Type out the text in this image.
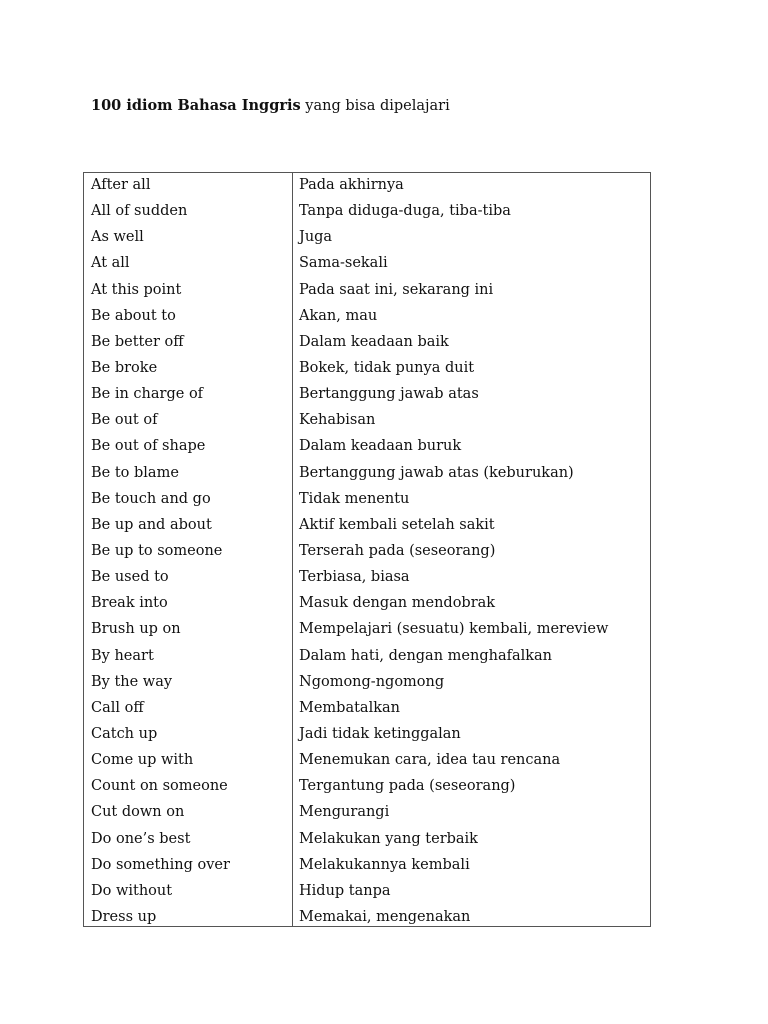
100 idiom Bahasa Inggris yang bisa dipelajari
After all	Pada akhirnya
All of sudden	Tanpa diduga-duga, tiba-tiba
As well	Juga
At all	Sama-sekali
At this point	Pada saat ini, sekarang ini
Be about to	Akan, mau
Be better off	Dalam keadaan baik
Be broke	Bokek, tidak punya duit
Be in charge of	Bertanggung jawab atas
Be out of	Kehabisan
Be out of shape	Dalam keadaan buruk
Be to blame	Bertanggung jawab atas (keburukan)
Be touch and go	Tidak menentu
Be up and about	Aktif kembali setelah sakit
Be up to someone	Terserah pada (seseorang)
Be used to	Terbiasa, biasa
Break into	Masuk dengan mendobrak
Brush up on	Mempelajari (sesuatu) kembali, mereview
By heart	Dalam hati, dengan menghafalkan
By the way	Ngomong-ngomong
Call off	Membatalkan
Catch up	Jadi tidak ketinggalan
Come up with	Menemukan cara, idea tau rencana
Count on someone	Tergantung pada (seseorang)
Cut down on	Mengurangi
Do one’s best	Melakukan yang terbaik
Do something over	Melakukannya kembali
Do without	Hidup tanpa
Dress up	Memakai, mengenakan
